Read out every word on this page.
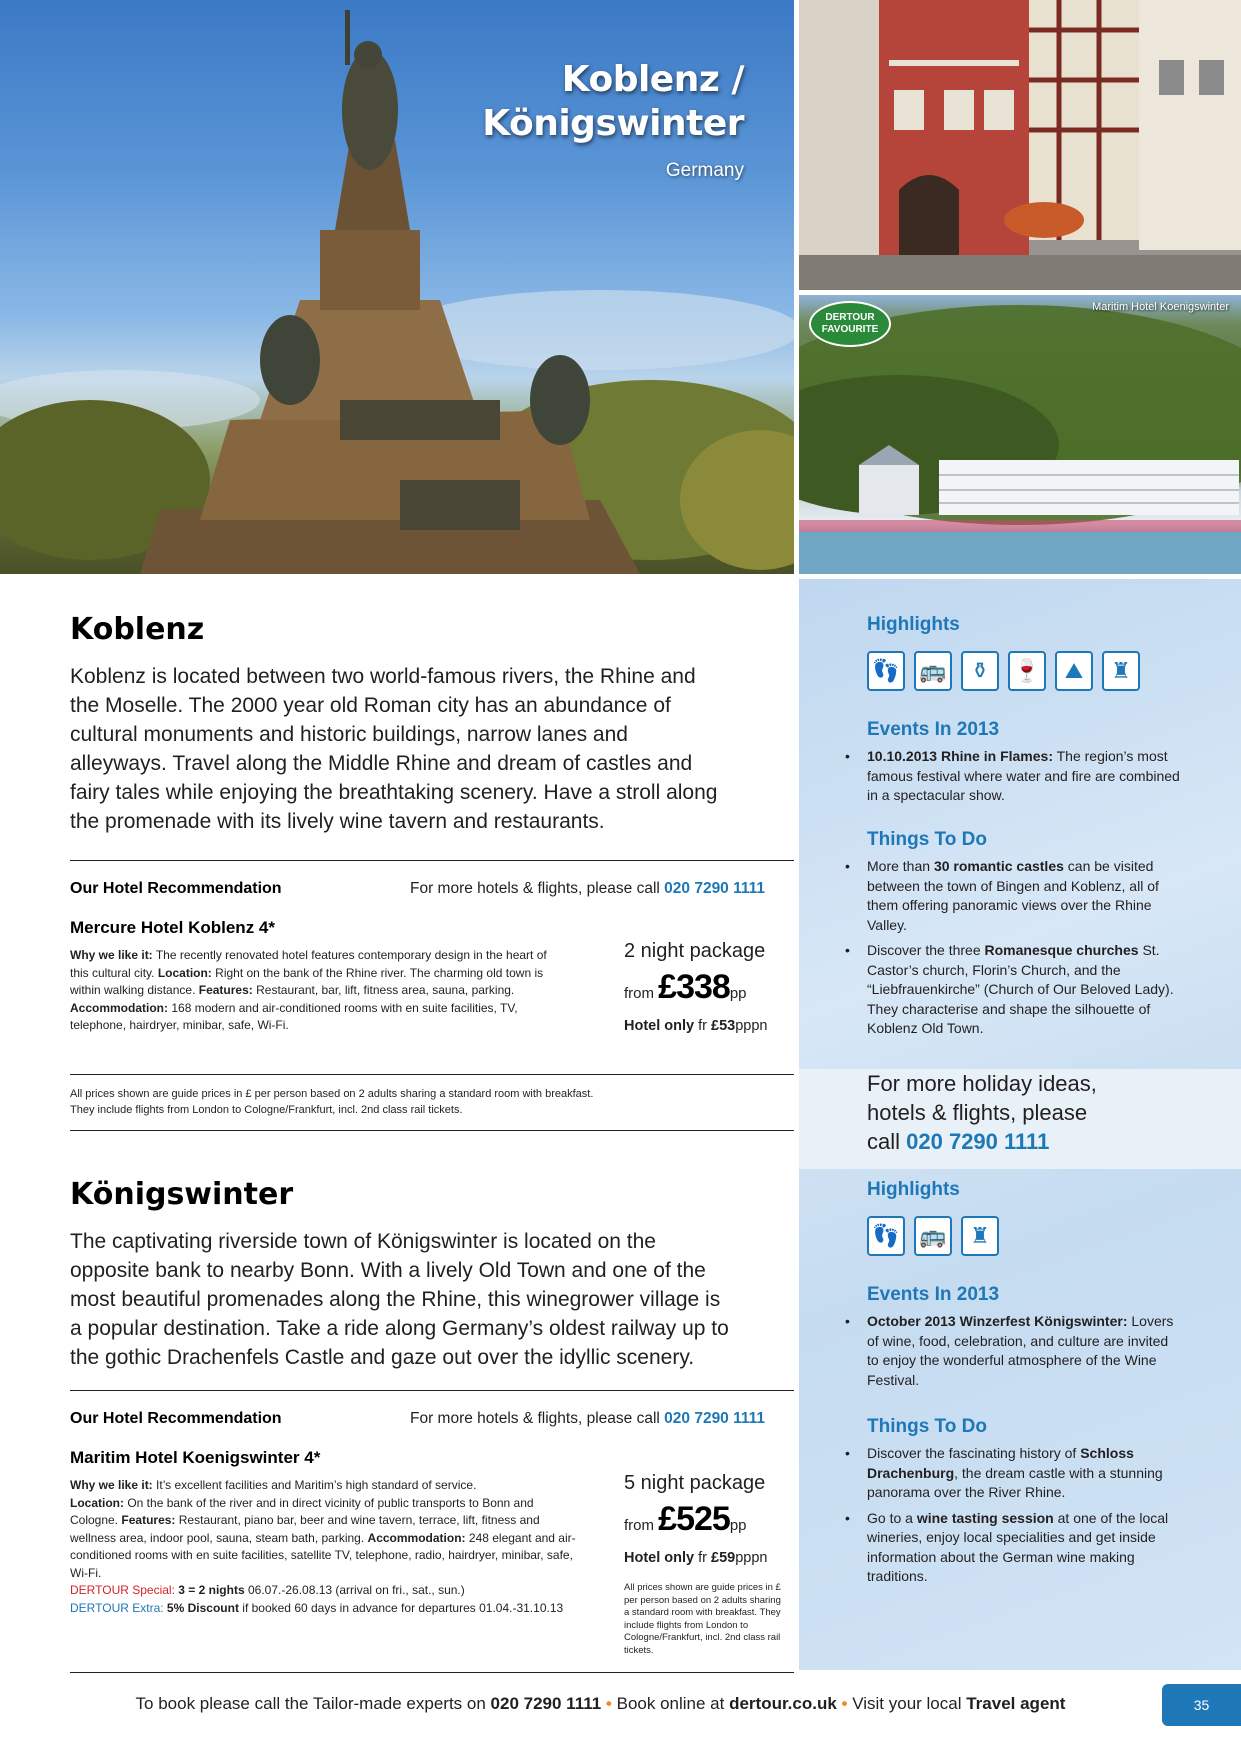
Koblenz /
Königswinter
Germany
DERTOUR
FAVOURITE
Maritim Hotel Koenigswinter
Highlights
👣 🚌	⚱	🍷	⛰	♜
Events In 2013
• 10.10.2013 Rhine in Flames: The region’s most famous festival where water and fire are combined in a spectacular show.
Things To Do
• More than 30 romantic castles can be visited between the town of Bingen and Koblenz, all of them offering panoramic views over the Rhine Valley.
• Discover the three Romanesque churches St. Castor’s church, Florin’s Church, and the “Liebfrauenkirche” (Church of Our Beloved Lady). They characterise and shape the silhouette of Koblenz Old Town.
For more holiday ideas,
hotels & flights, please
call 020 7290 1111
Highlights
👣 🚌	♜
Events In 2013
• October 2013 Winzerfest Königswinter: Lovers of wine, food, celebration, and culture are invited to enjoy the wonderful atmosphere of the Wine Festival.
Things To Do
• Discover the fascinating history of Schloss Drachenburg, the dream castle with a stunning panorama over the River Rhine.
• Go to a wine tasting session at one of the local wineries, enjoy local specialities and get inside information about the German wine making traditions.
Koblenz
Koblenz is located between two world-famous rivers, the Rhine and the Moselle. The 2000 year old Roman city has an abundance of cultural monuments and historic buildings, narrow lanes and alleyways. Travel along the Middle Rhine and dream of castles and fairy tales while enjoying the breathtaking scenery. Have a stroll along the promenade with its lively wine tavern and restaurants.
Our Hotel Recommendation	For more hotels & flights, please call 020 7290 1111
Mercure Hotel Koblenz 4*
Why we like it: The recently renovated hotel features contemporary design in the heart of this cultural city. Location: Right on the bank of the Rhine river. The charming old town is within walking distance. Features: Restaurant, bar, lift, fitness area, sauna, parking. Accommodation: 168 modern and air-conditioned rooms with en suite facilities, TV, telephone, hairdryer, minibar, safe, Wi-Fi.
2 night package
from £338pp
Hotel only fr £53pppn
All prices shown are guide prices in £ per person based on 2 adults sharing a standard room with breakfast.
They include flights from London to Cologne/Frankfurt, incl. 2nd class rail tickets.
Königswinter
The captivating riverside town of Königswinter is located on the opposite bank to nearby Bonn. With a lively Old Town and one of the most beautiful promenades along the Rhine, this winegrower village is a popular destination. Take a ride along Germany’s oldest railway up to the gothic Drachenfels Castle and gaze out over the idyllic scenery.
Our Hotel Recommendation	For more hotels & flights, please call 020 7290 1111
Maritim Hotel Koenigswinter 4*
Why we like it: It’s excellent facilities and Maritim’s high standard of service.
Location: On the bank of the river and in direct vicinity of public transports to Bonn and Cologne. Features: Restaurant, piano bar, beer and wine tavern, terrace, lift, fitness and wellness area, indoor pool, sauna, steam bath, parking. Accommodation: 248 elegant and air-conditioned rooms with en suite facilities, satellite TV, telephone, radio, hairdryer, minibar, safe, Wi-Fi.
DERTOUR Special: 3 = 2 nights 06.07.-26.08.13 (arrival on fri., sat., sun.)
DERTOUR Extra: 5% Discount if booked 60 days in advance for departures 01.04.-31.10.13
5 night package
from £525pp
Hotel only fr £59pppn
All prices shown are guide prices in £ per person based on 2 adults sharing a standard room with breakfast. They include flights from London to Cologne/Frankfurt, incl. 2nd class rail tickets.
To book please call the Tailor-made experts on 020 7290 1111 • Book online at dertour.co.uk • Visit your local Travel agent	35
